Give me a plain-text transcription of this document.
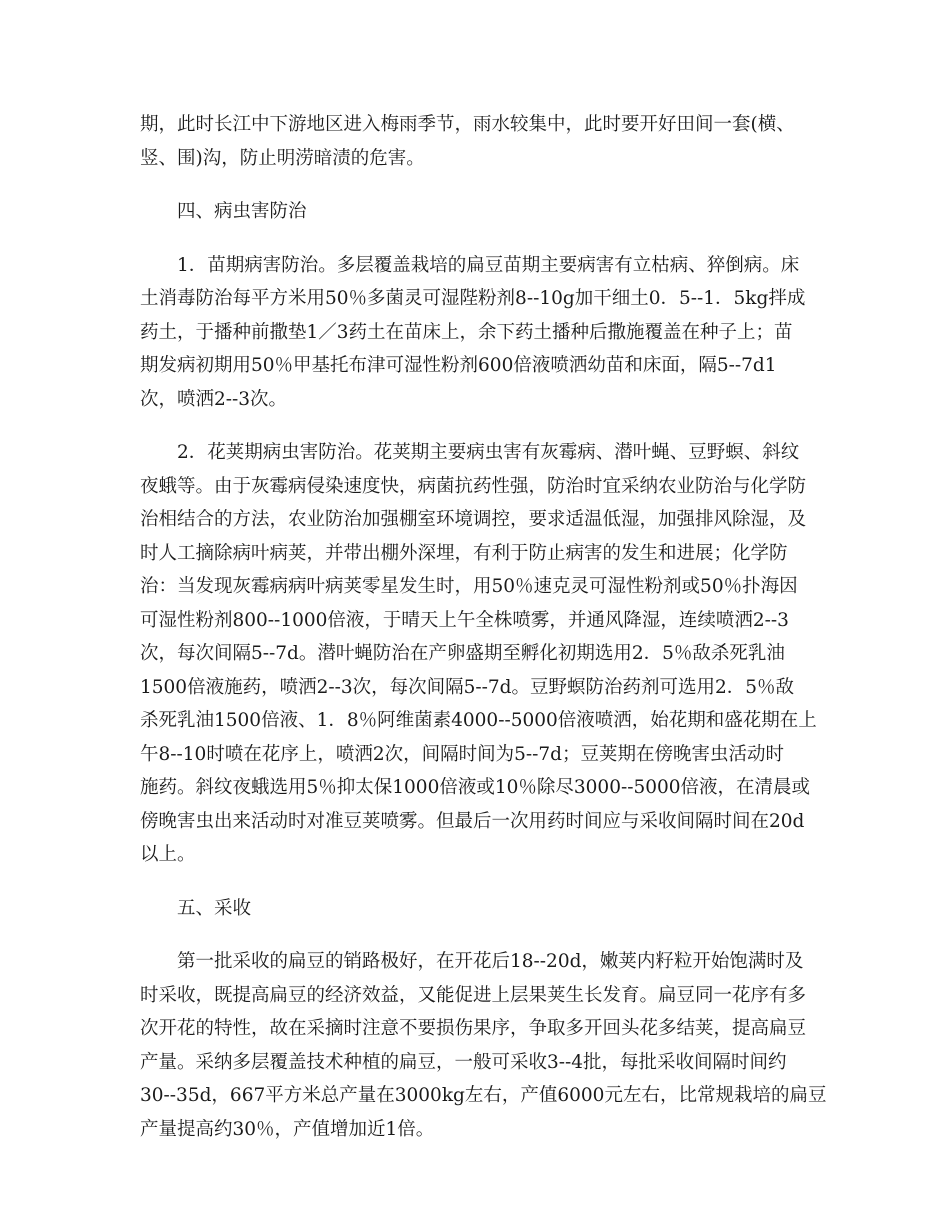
期，此时长江中下游地区进入梅雨季节，雨水较集中，此时要开好田间一套(横、
竖、围)沟，防止明涝暗渍的危害。
四、病虫害防治
1．苗期病害防治。多层覆盖栽培的扁豆苗期主要病害有立枯病、猝倒病。床
土消毒防治每平方米用50％多菌灵可湿陛粉剂8--10g加干细土0．5--1．5kg拌成
药土，于播种前撒垫1／3药土在苗床上，余下药土播种后撒施覆盖在种子上；苗
期发病初期用50％甲基托布津可湿性粉剂600倍液喷洒幼苗和床面，隔5--7d1
次，喷洒2--3次。
2．花荚期病虫害防治。花荚期主要病虫害有灰霉病、潜叶蝇、豆野螟、斜纹
夜蛾等。由于灰霉病侵染速度快，病菌抗药性强，防治时宜采纳农业防治与化学防
治相结合的方法，农业防治加强棚室环境调控，要求适温低湿，加强排风除湿，及
时人工摘除病叶病荚，并带出棚外深埋，有利于防止病害的发生和进展；化学防
治：当发现灰霉病病叶病荚零星发生时，用50％速克灵可湿性粉剂或50％扑海因
可湿性粉剂800--1000倍液，于晴天上午全株喷雾，并通风降湿，连续喷洒2--3
次，每次间隔5--7d。潜叶蝇防治在产卵盛期至孵化初期选用2．5％敌杀死乳油
1500倍液施药，喷洒2--3次，每次间隔5--7d。豆野螟防治药剂可选用2．5％敌
杀死乳油1500倍液、1．8％阿维菌素4000--5000倍液喷洒，始花期和盛花期在上
午8--10时喷在花序上，喷洒2次，间隔时间为5--7d；豆荚期在傍晚害虫活动时
施药。斜纹夜蛾选用5％抑太保1000倍液或10％除尽3000--5000倍液，在清晨或
傍晚害虫出来活动时对准豆荚喷雾。但最后一次用药时间应与采收间隔时间在20d
以上。
五、采收
第一批采收的扁豆的销路极好，在开花后18--20d，嫩荚内籽粒开始饱满时及
时采收，既提高扁豆的经济效益，又能促进上层果荚生长发育。扁豆同一花序有多
次开花的特性，故在采摘时注意不要损伤果序，争取多开回头花多结荚，提高扁豆
产量。采纳多层覆盖技术种植的扁豆，一般可采收3--4批，每批采收间隔时间约
30--35d，667平方米总产量在3000kg左右，产值6000元左右，比常规栽培的扁豆
产量提高约30％，产值增加近1倍。
